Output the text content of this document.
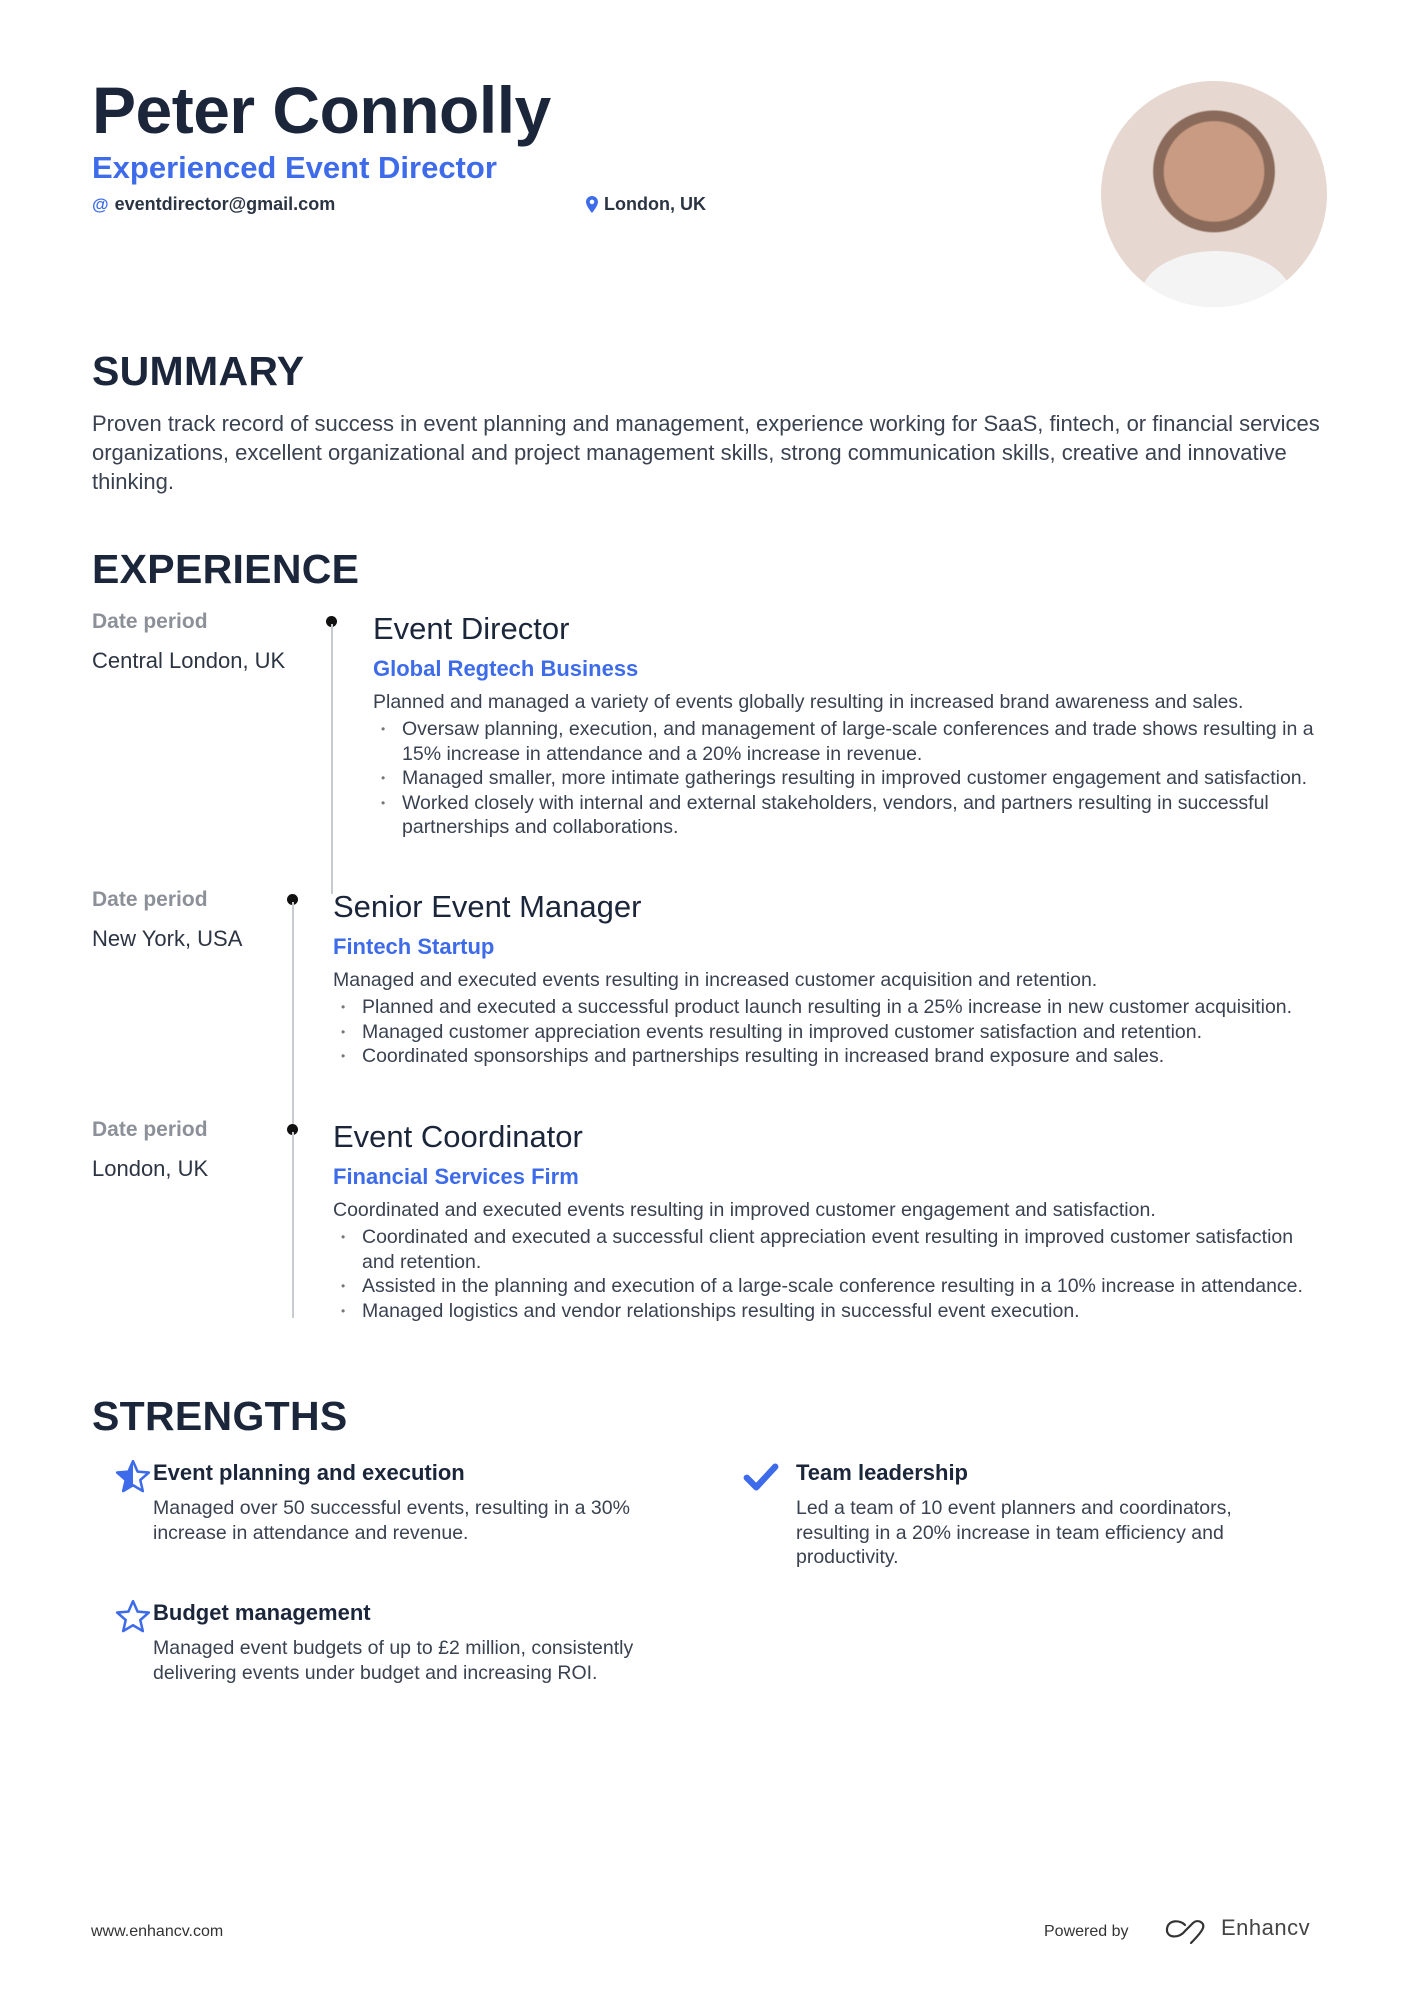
Peter Connolly
Experienced Event Director
@ eventdirector@gmail.com	London, UK
SUMMARY
Proven track record of success in event planning and management, experience working for SaaS, fintech, or financial services organizations, excellent organizational and project management skills, strong communication skills, creative and innovative thinking.
EXPERIENCE
Date period
Central London, UK
Event Director
Global Regtech Business
Planned and managed a variety of events globally resulting in increased brand awareness and sales.
• Oversaw planning, execution, and management of large-scale conferences and trade shows resulting in a 15% increase in attendance and a 20% increase in revenue.
• Managed smaller, more intimate gatherings resulting in improved customer engagement and satisfaction.
• Worked closely with internal and external stakeholders, vendors, and partners resulting in successful partnerships and collaborations.
Date period
New York, USA
Senior Event Manager
Fintech Startup
Managed and executed events resulting in increased customer acquisition and retention.
• Planned and executed a successful product launch resulting in a 25% increase in new customer acquisition.
• Managed customer appreciation events resulting in improved customer satisfaction and retention.
• Coordinated sponsorships and partnerships resulting in increased brand exposure and sales.
Date period
London, UK
Event Coordinator
Financial Services Firm
Coordinated and executed events resulting in improved customer engagement and satisfaction.
• Coordinated and executed a successful client appreciation event resulting in improved customer satisfaction and retention.
• Assisted in the planning and execution of a large-scale conference resulting in a 10% increase in attendance.
• Managed logistics and vendor relationships resulting in successful event execution.
STRENGTHS
Event planning and execution
Managed over 50 successful events, resulting in a 30% increase in attendance and revenue.
Team leadership
Led a team of 10 event planners and coordinators, resulting in a 20% increase in team efficiency and productivity.
Budget management
Managed event budgets of up to £2 million, consistently delivering events under budget and increasing ROI.
www.enhancv.com	Powered by	Enhancv
